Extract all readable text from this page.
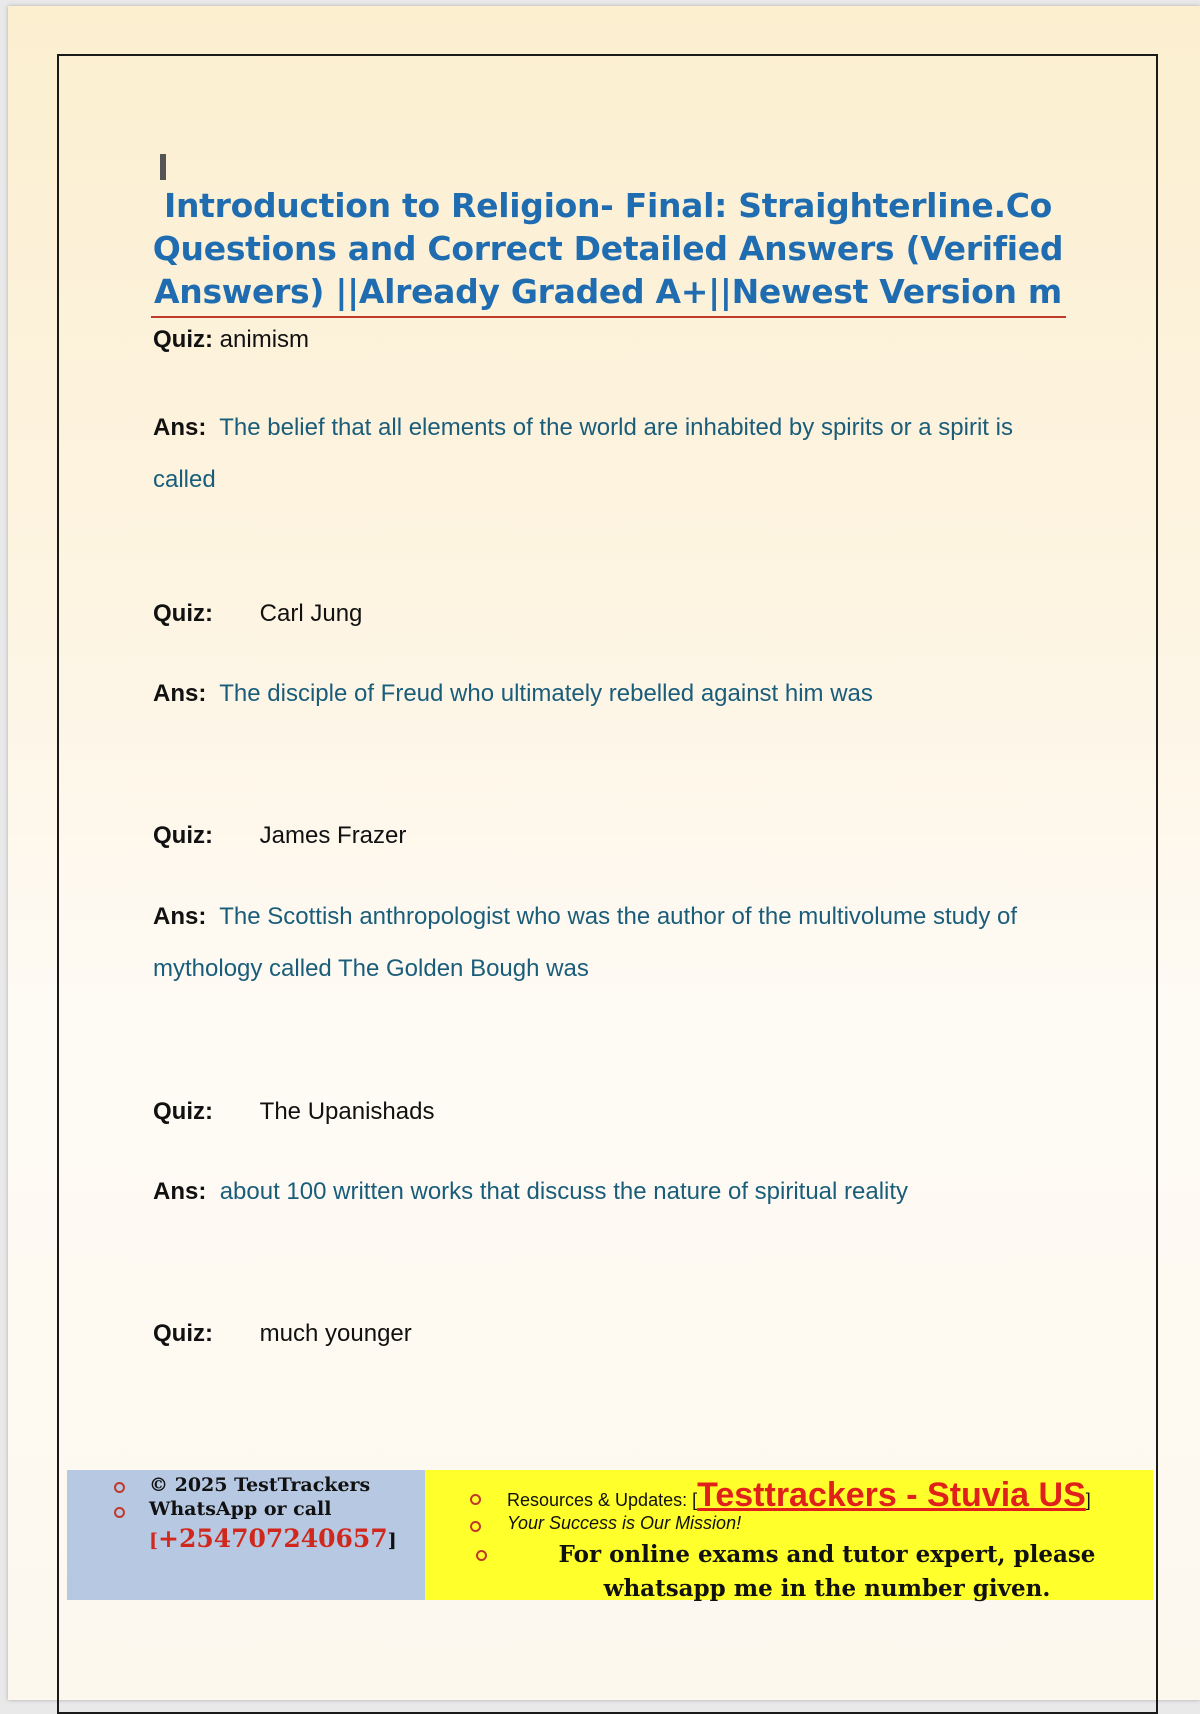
Introduction to Religion- Final: Straighterline.Co Questions and Correct Detailed Answers (Verified Answers) ||Already Graded A+||Newest Version m
Quiz: animism
Ans: The belief that all elements of the world are inhabited by spirits or a spirit is called
Quiz: Carl Jung
Ans: The disciple of Freud who ultimately rebelled against him was
Quiz: James Frazer
Ans: The Scottish anthropologist who was the author of the multivolume study of mythology called The Golden Bough was
Quiz: The Upanishads
Ans: about 100 written works that discuss the nature of spiritual reality
Quiz: much younger
© 2025 TestTrackers
WhatsApp or call
[+254707240657]
Resources & Updates: [Testtrackers - Stuvia US]
Your Success is Our Mission!
For online exams and tutor expert, please whatsapp me in the number given.
